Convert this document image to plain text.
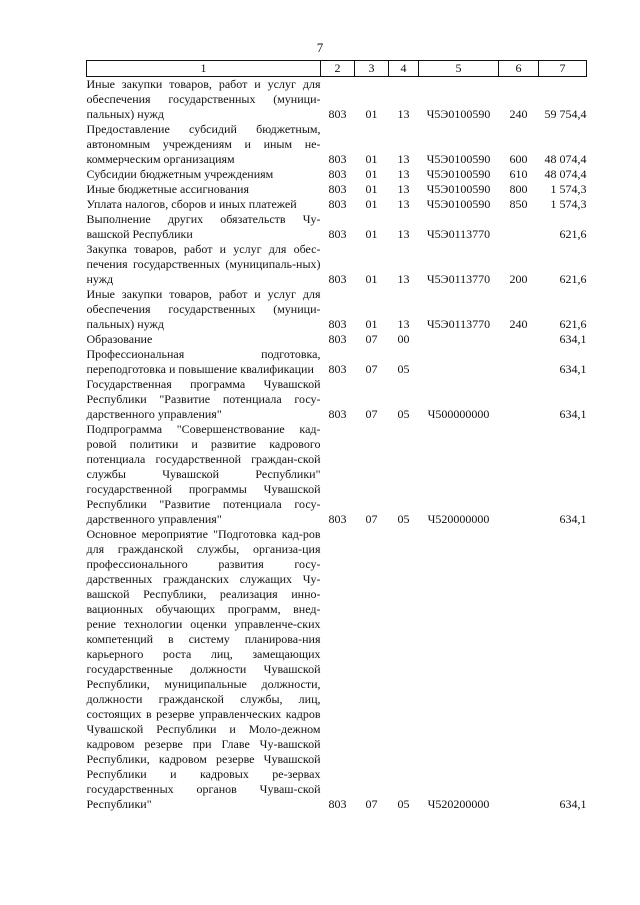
7
1	2	3	4	5	6	7
Иные закупки товаров, работ и услуг для обеспечения государственных (муници-пальных) нужд	803	01	13	Ч5Э0100590	240	59 754,4
Предоставление субсидий бюджетным, автономным учреждениям и иным не-коммерческим организациям	803	01	13	Ч5Э0100590	600	48 074,4
Субсидии бюджетным учреждениям	803	01	13	Ч5Э0100590	610	48 074,4
Иные бюджетные ассигнования	803	01	13	Ч5Э0100590	800	1 574,3
Уплата налогов, сборов и иных платежей	803	01	13	Ч5Э0100590	850	1 574,3
Выполнение других обязательств Чу-вашской Республики	803	01	13	Ч5Э0113770		621,6
Закупка товаров, работ и услуг для обес-печения государственных (муниципаль-ных) нужд	803	01	13	Ч5Э0113770	200	621,6
Иные закупки товаров, работ и услуг для обеспечения государственных (муници-пальных) нужд	803	01	13	Ч5Э0113770	240	621,6
Образование	803	07	00			634,1
Профессиональная подготовка, переподготовка и повышение квалификации	803	07	05			634,1
Государственная программа Чувашской Республики "Развитие потенциала госу-дарственного управления"	803	07	05	Ч500000000		634,1
Подпрограмма "Совершенствование кад-ровой политики и развитие кадрового потенциала государственной граждан-ской службы Чувашской Республики" государственной программы Чувашской Республики "Развитие потенциала госу-дарственного управления"	803	07	05	Ч520000000		634,1
Основное мероприятие "Подготовка кад-ров для гражданской службы, организа-ция профессионального развития госу-дарственных гражданских служащих Чу-вашской Республики, реализация инно-вационных обучающих программ, внед-рение технологии оценки управленче-ских компетенций в систему планирова-ния карьерного роста лиц, замещающих государственные должности Чувашской Республики, муниципальные должности, должности гражданской службы, лиц, состоящих в резерве управленческих кадров Чувашской Республики и Моло-дежном кадровом резерве при Главе Чу-вашской Республики, кадровом резерве Чувашской Республики и кадровых ре-зервах государственных органов Чуваш-ской Республики"	803	07	05	Ч520200000		634,1
